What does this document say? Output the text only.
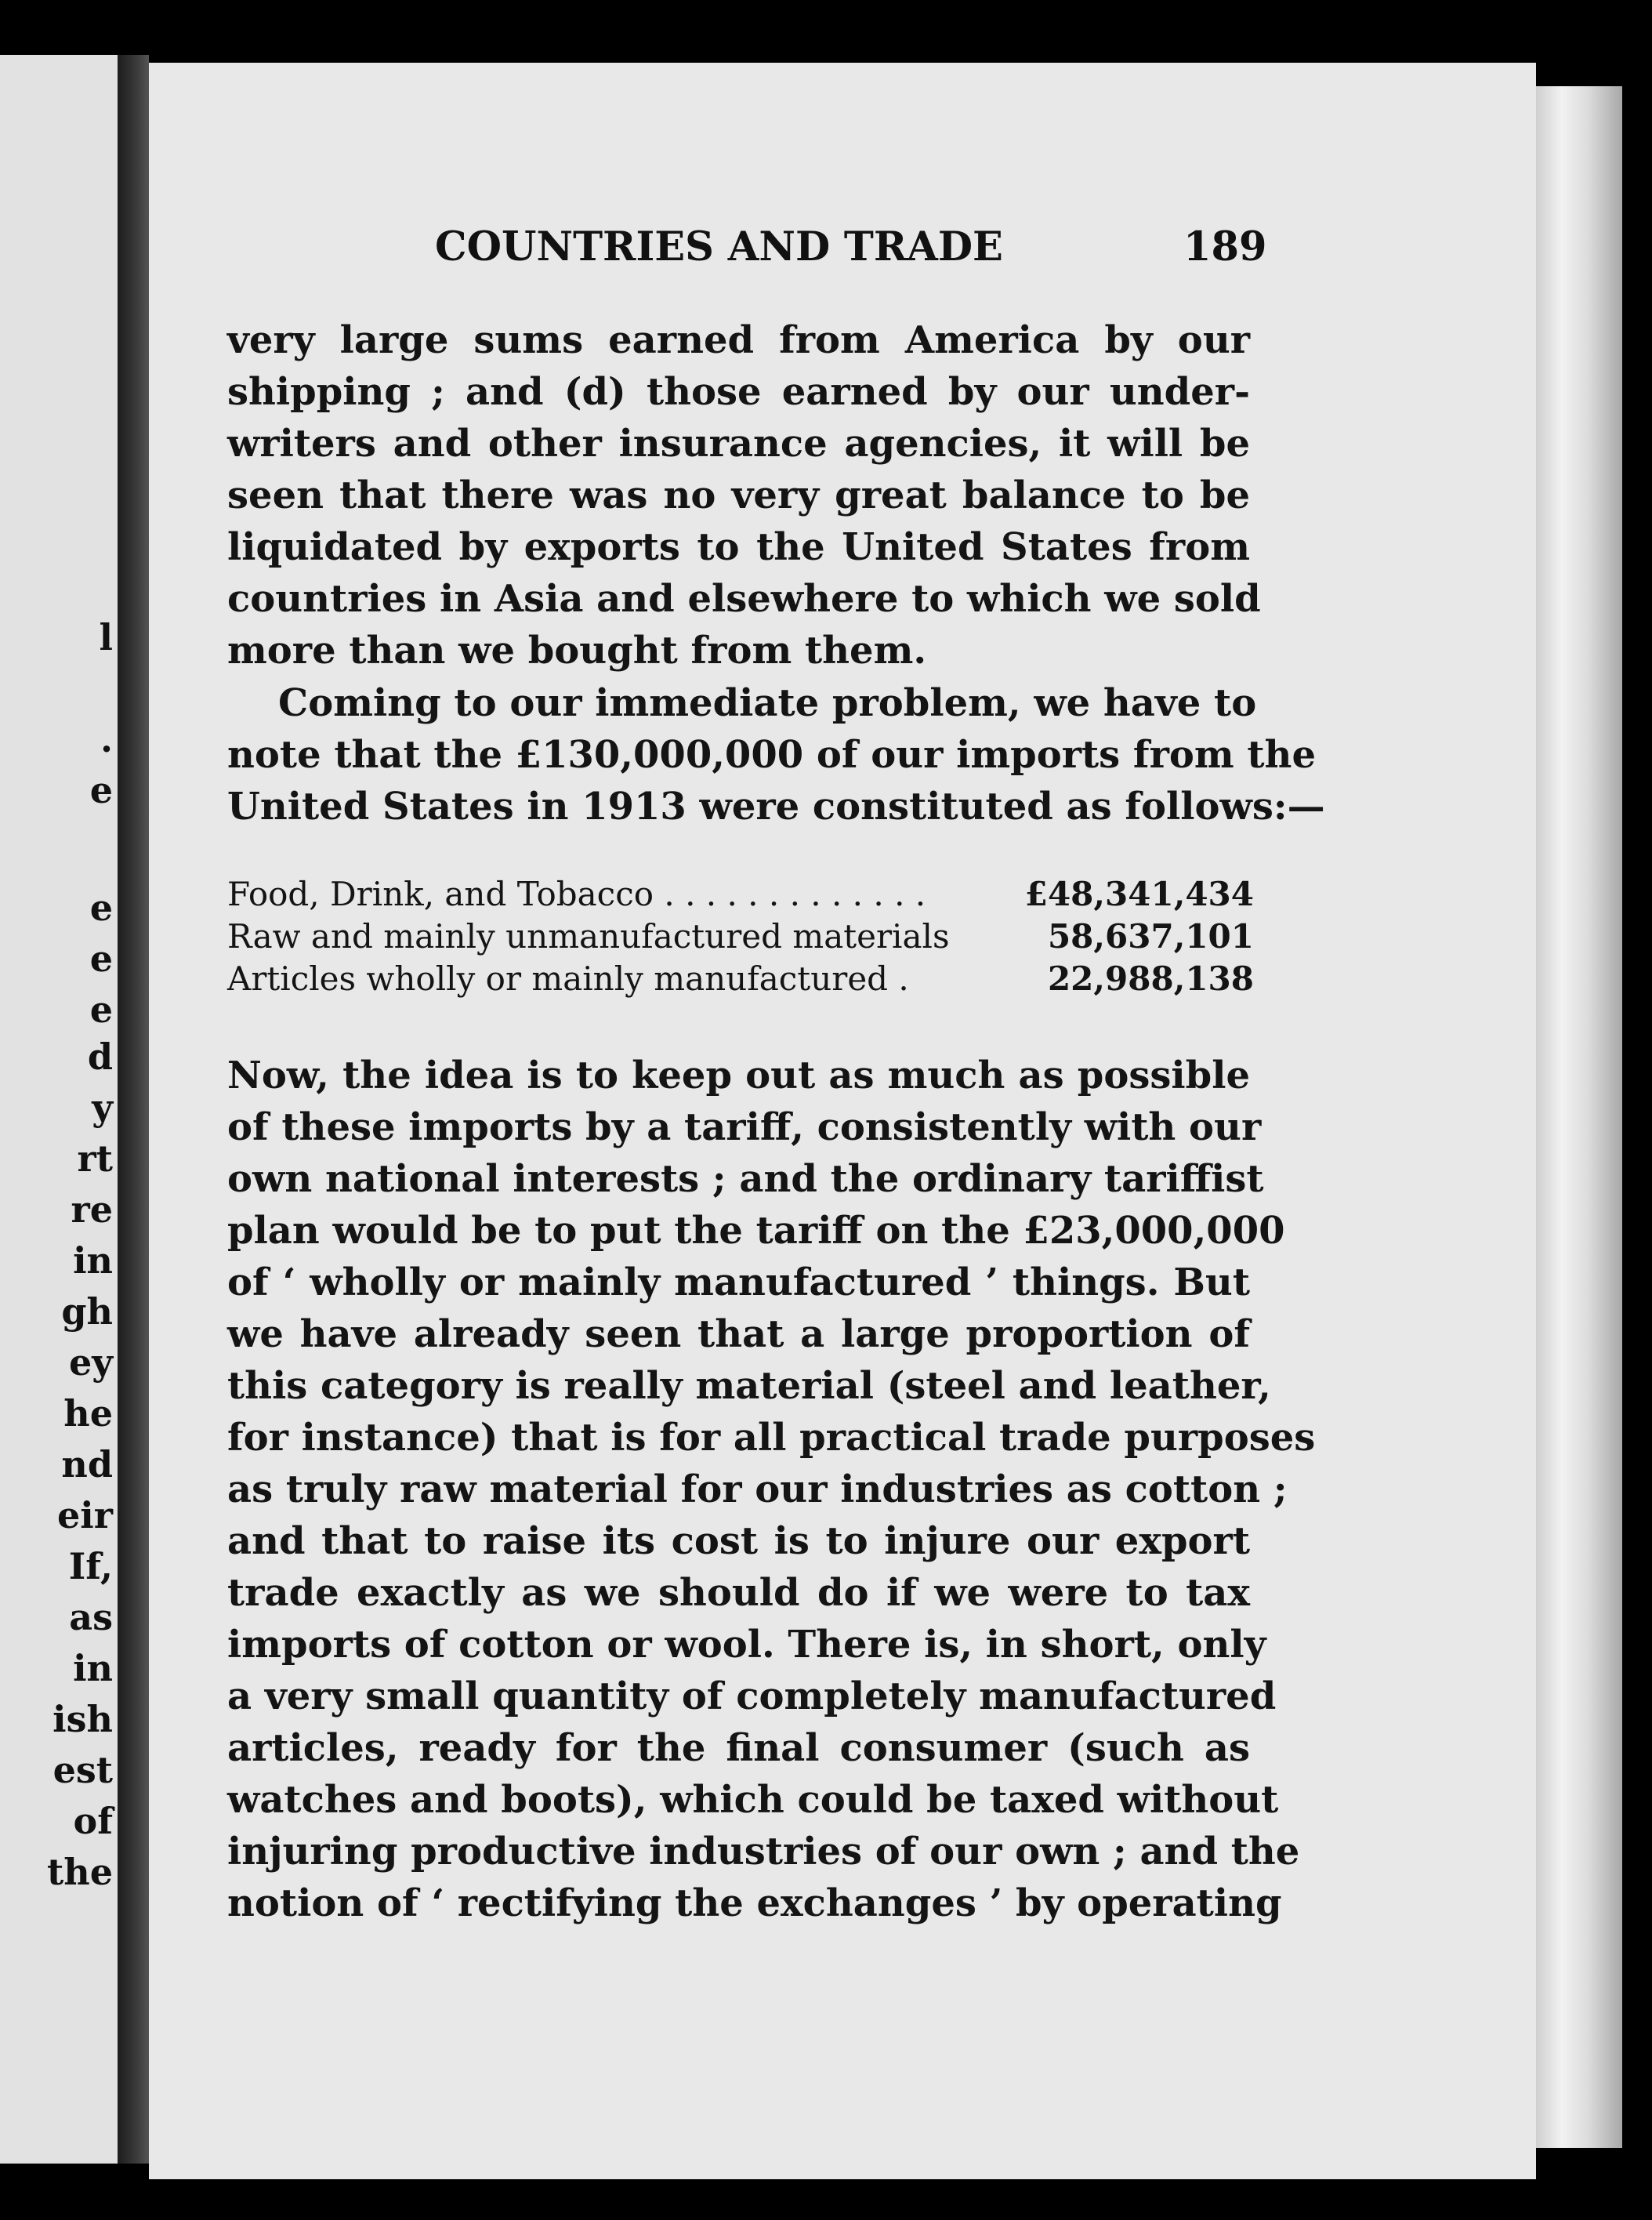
l
.
e
e
e
e
d
y
rt
re
in
gh
ey
he
nd
eir
If,
as
in
ish
est
of
the
COUNTRIES AND TRADE	189
very large sums earned from America by our
shipping ; and (d) those earned by our under-
writers and other insurance agencies, it will be
seen that there was no very great balance to be
liquidated by exports to the United States from
countries in Asia and elsewhere to which we sold
more than we bought from them.
Coming to our immediate problem, we have to
note that the £130,000,000 of our imports from the
United States in 1913 were constituted as follows:—
Food, Drink, and Tobacco . . . . . . . . . . . . .	£48,341,434
Raw and mainly unmanufactured materials	58,637,101
Articles wholly or mainly manufactured .	22,988,138
Now, the idea is to keep out as much as possible
of these imports by a tariff, consistently with our
own national interests ; and the ordinary tariffist
plan would be to put the tariff on the £23,000,000
of ‘ wholly or mainly manufactured ’ things. But
we have already seen that a large proportion of
this category is really material (steel and leather,
for instance) that is for all practical trade purposes
as truly raw material for our industries as cotton ;
and that to raise its cost is to injure our export
trade exactly as we should do if we were to tax
imports of cotton or wool. There is, in short, only
a very small quantity of completely manufactured
articles, ready for the final consumer (such as
watches and boots), which could be taxed without
injuring productive industries of our own ; and the
notion of ‘ rectifying the exchanges ’ by operating
